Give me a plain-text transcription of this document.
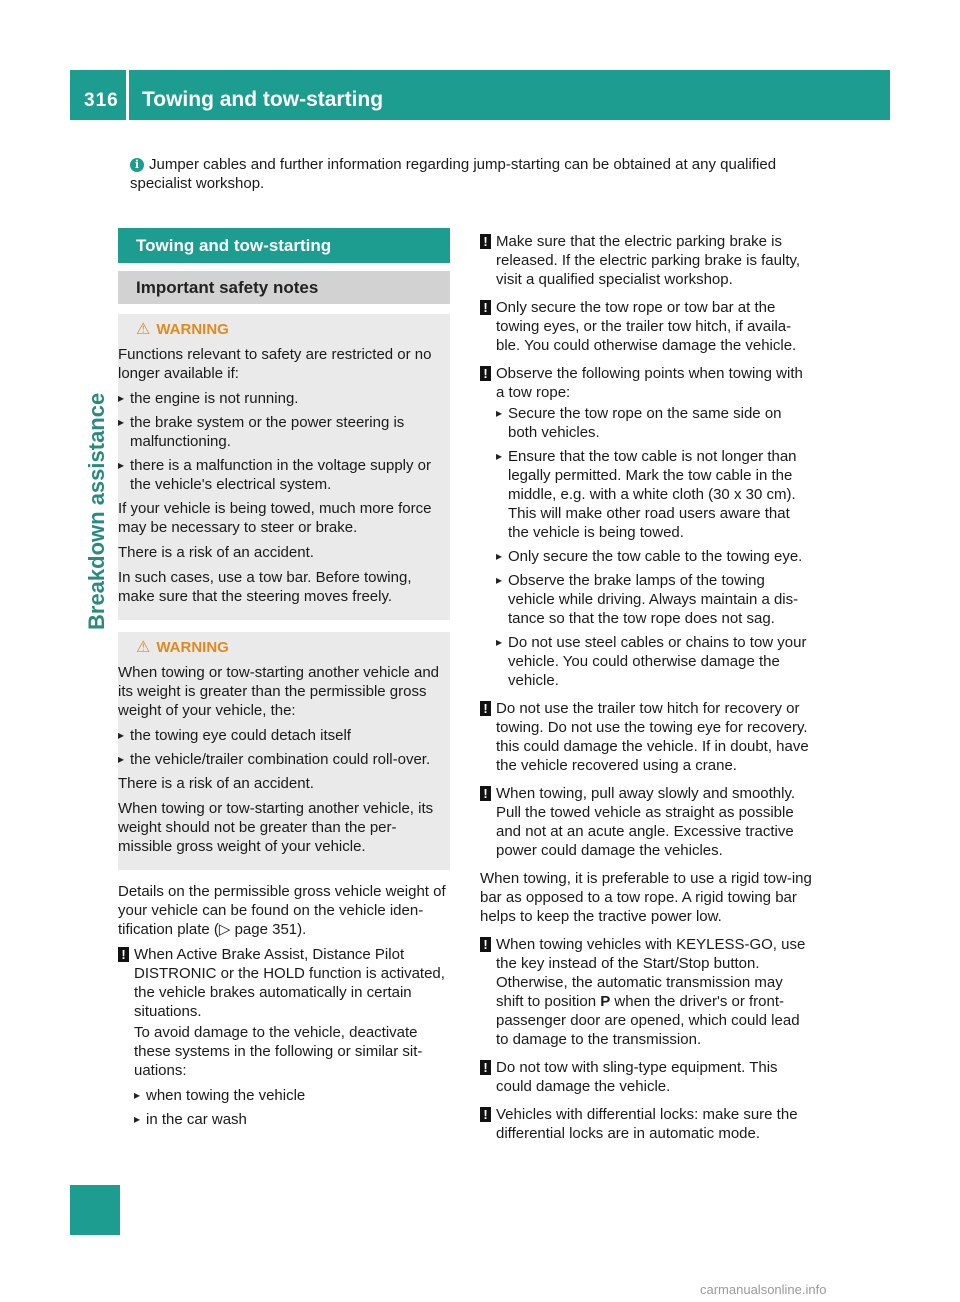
316 Towing and tow-starting
Breakdown assistance
i Jumper cables and further information regarding jump-starting can be obtained at any qualified specialist workshop.
Towing and tow-starting
Important safety notes
⚠ WARNING

Functions relevant to safety are restricted or no longer available if:

▸ the engine is not running.

▸ the brake system or the power steering is malfunctioning.

▸ there is a malfunction in the voltage supply or the vehicle's electrical system.

If your vehicle is being towed, much more force may be necessary to steer or brake.

There is a risk of an accident.

In such cases, use a tow bar. Before towing, make sure that the steering moves freely.

⚠ WARNING

When towing or tow-starting another vehicle and its weight is greater than the permissible gross weight of your vehicle, the:

▸ the towing eye could detach itself

▸ the vehicle/trailer combination could roll-over.

There is a risk of an accident.

When towing or tow-starting another vehicle, its weight should not be greater than the per-missible gross weight of your vehicle.

Details on the permissible gross vehicle weight of your vehicle can be found on the vehicle iden-tification plate (▷ page 351).

! When Active Brake Assist, Distance Pilot DISTRONIC or the HOLD function is activated, the vehicle brakes automatically in certain situations.

To avoid damage to the vehicle, deactivate these systems in the following or similar sit-uations:

▸ when towing the vehicle

▸ in the car wash

! Make sure that the electric parking brake is released. If the electric parking brake is faulty, visit a qualified specialist workshop.
! Only secure the tow rope or tow bar at the towing eyes, or the trailer tow hitch, if availa-ble. You could otherwise damage the vehicle.
! Observe the following points when towing with a tow rope:

▸ Secure the tow rope on the same side on both vehicles.

▸ Ensure that the tow cable is not longer than legally permitted. Mark the tow cable in the middle, e.g. with a white cloth (30 x 30 cm). This will make other road users aware that the vehicle is being towed.

▸ Only secure the tow cable to the towing eye.

▸ Observe the brake lamps of the towing vehicle while driving. Always maintain a dis-tance so that the tow rope does not sag.

▸ Do not use steel cables or chains to tow your vehicle. You could otherwise damage the vehicle.

! Do not use the trailer tow hitch for recovery or towing. Do not use the towing eye for recovery. this could damage the vehicle. If in doubt, have the vehicle recovered using a crane.
! When towing, pull away slowly and smoothly. Pull the towed vehicle as straight as possible and not at an acute angle. Excessive tractive power could damage the vehicles.

When towing, it is preferable to use a rigid tow-ing bar as opposed to a tow rope. A rigid towing bar helps to keep the tractive power low.

! When towing vehicles with KEYLESS-GO, use the key instead of the Start/Stop button. Otherwise, the automatic transmission may shift to position P when the driver's or front-passenger door are opened, which could lead to damage to the transmission.
! Do not tow with sling-type equipment. This could damage the vehicle.
! Vehicles with differential locks: make sure the differential locks are in automatic mode.
carmanualsonline.info
